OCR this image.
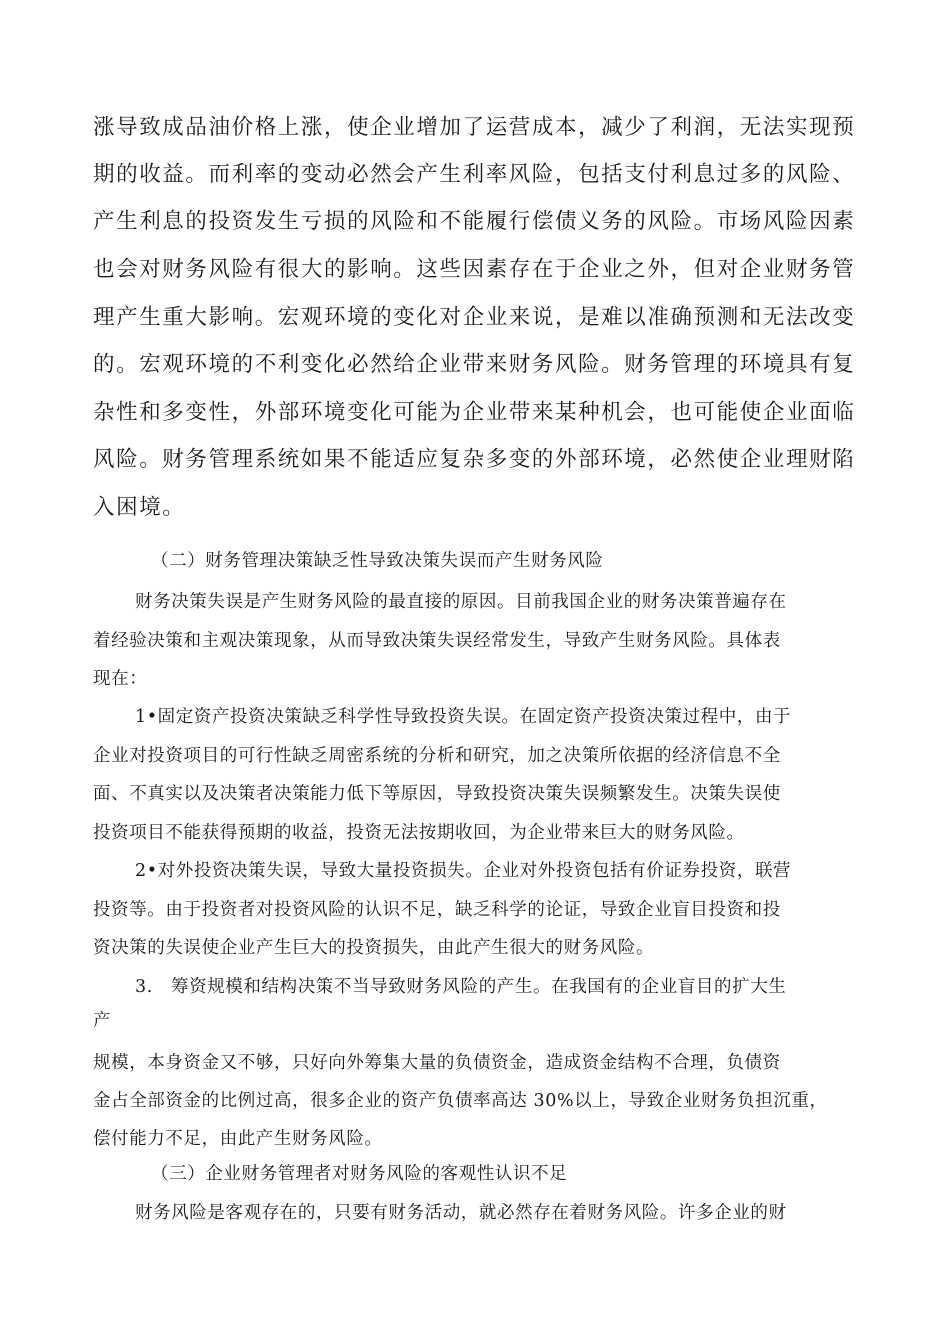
涨导致成品油价格上涨，使企业增加了运营成本，减少了利润，无法实现预
期的收益。而利率的变动必然会产生利率风险，包括支付利息过多的风险、
产生利息的投资发生亏损的风险和不能履行偿债义务的风险。市场风险因素
也会对财务风险有很大的影响。这些因素存在于企业之外，但对企业财务管
理产生重大影响。宏观环境的变化对企业来说，是难以准确预测和无法改变
的。宏观环境的不利变化必然给企业带来财务风险。财务管理的环境具有复
杂性和多变性，外部环境变化可能为企业带来某种机会，也可能使企业面临
风险。财务管理系统如果不能适应复杂多变的外部环境，必然使企业理财陷
入困境。
（二）财务管理决策缺乏性导致决策失误而产生财务风险
财务决策失误是产生财务风险的最直接的原因。目前我国企业的财务决策普遍存在
着经验决策和主观决策现象，从而导致决策失误经常发生，导致产生财务风险。具体表
现在：
1•固定资产投资决策缺乏科学性导致投资失误。在固定资产投资决策过程中，由于
企业对投资项目的可行性缺乏周密系统的分析和研究，加之决策所依据的经济信息不全
面、不真实以及决策者决策能力低下等原因，导致投资决策失误频繁发生。决策失误使
投资项目不能获得预期的收益，投资无法按期收回，为企业带来巨大的财务风险。
2•对外投资决策失误，导致大量投资损失。企业对外投资包括有价证券投资，联营
投资等。由于投资者对投资风险的认识不足，缺乏科学的论证，导致企业盲目投资和投
资决策的失误使企业产生巨大的投资损失，由此产生很大的财务风险。
3.　筹资规模和结构决策不当导致财务风险的产生。在我国有的企业盲目的扩大生
产
规模，本身资金又不够，只好向外筹集大量的负债资金，造成资金结构不合理，负债资
金占全部资金的比例过高，很多企业的资产负债率高达 30%以上，导致企业财务负担沉重，
偿付能力不足，由此产生财务风险。
（三）企业财务管理者对财务风险的客观性认识不足
财务风险是客观存在的，只要有财务活动，就必然存在着财务风险。许多企业的财
